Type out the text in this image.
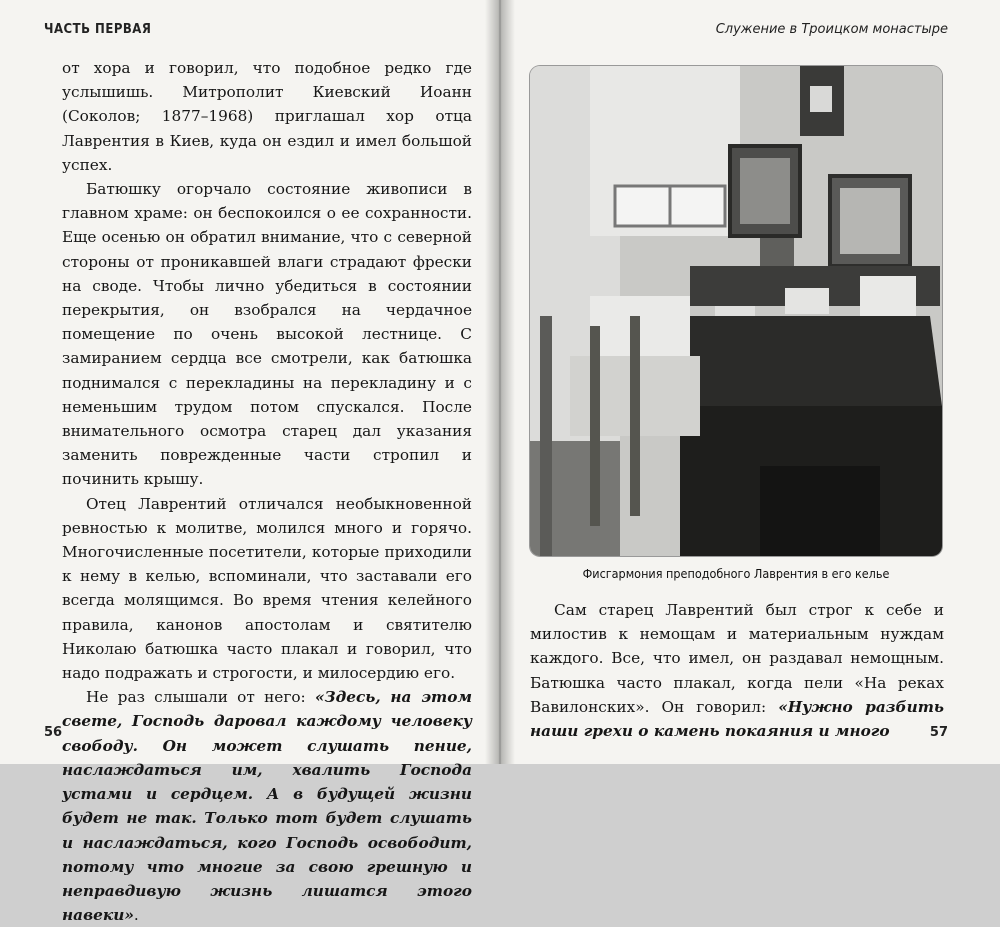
ЧАСТЬ ПЕРВАЯ

от хора и говорил, что подобное редко где услышишь. Митрополит Киевский Иоанн (Соколов; 1877–1968) приглашал хор отца Лаврентия в Киев, куда он ездил и имел большой успех.

Батюшку огорчало состояние живописи в главном храме: он беспокоился о ее сохранности. Еще осенью он обратил внимание, что с северной стороны от проникавшей влаги страдают фрески на своде. Чтобы лично убедиться в состоянии перекрытия, он взобрался на чердачное помещение по очень высокой лестнице. С замиранием сердца все смотрели, как батюшка поднимался с перекладины на перекладину и с неменьшим трудом потом спускался. После внимательного осмотра старец дал указания заменить поврежденные части стропил и починить крышу.

Отец Лаврентий отличался необыкновенной ревностью к молитве, молился много и горячо. Многочисленные посетители, которые приходили к нему в келью, вспоминали, что заставали его всегда молящимся. Во время чтения келейного правила, канонов апостолам и святителю Николаю батюшка часто плакал и говорил, что надо подражать и строгости, и милосердию его.

Не раз слышали от него: «Здесь, на этом свете, Господь даровал каждому человеку свободу. Он может слушать пение, наслаждаться им, хвалить Господа устами и сердцем. А в будущей жизни будет не так. Только тот будет слушать и наслаждаться, кого Господь освободит, потому что многие за свою грешную и неправдивую жизнь лишатся этого навеки».

56
Служение в Троицком монастыре
57
Фисгармония преподобного Лаврентия в его келье

Сам старец Лаврентий был строг к себе и милостив к немощам и материальным нуждам каждого. Все, что имел, он раздавал немощным. Батюшка часто плакал, когда пели «На реках Вавилонских». Он говорил: «Нужно разбить наши грехи о камень покаяния и много
